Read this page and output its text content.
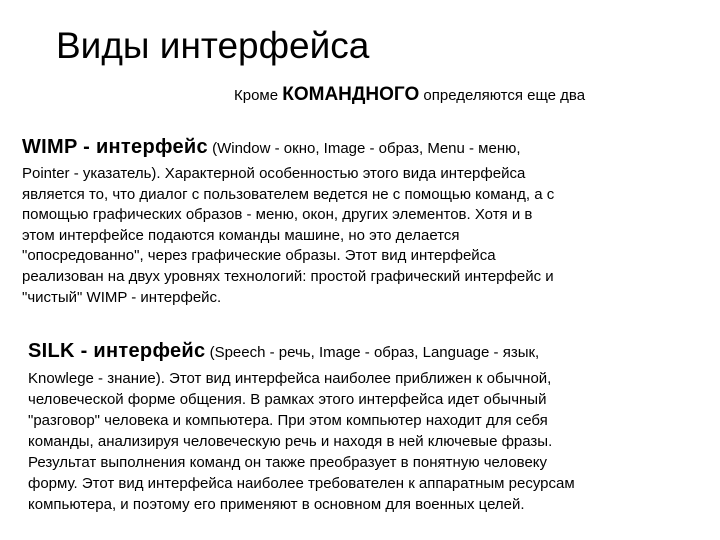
Виды интерфейса
Кроме КОМАНДНОГО определяются еще два
WIMP - интерфейс (Window - окно, Image - образ, Menu - меню,
Pointer - указатель). Характерной особенностью этого вида интерфейса
является то, что диалог с пользователем ведется не с помощью команд, а с
помощью графических образов - меню, окон, других элементов. Хотя и в
этом интерфейсе подаются команды машине, но это делается
"опосредованно", через графические образы. Этот вид интерфейса
реализован на двух уровнях технологий: простой графический интерфейс и
"чистый" WIMP - интерфейс.
SILK - интерфейс (Speech - речь, Image - образ, Language - язык,
Knowlege - знание). Этот вид интерфейса наиболее приближен к обычной,
человеческой форме общения. В рамках этого интерфейса идет обычный
"разговор" человека и компьютера. При этом компьютер находит для себя
команды, анализируя человеческую речь и находя в ней ключевые фразы.
Результат выполнения команд он также преобразует в понятную человеку
форму. Этот вид интерфейса наиболее требователен к аппаратным ресурсам
компьютера, и поэтому его применяют в основном для военных целей.
